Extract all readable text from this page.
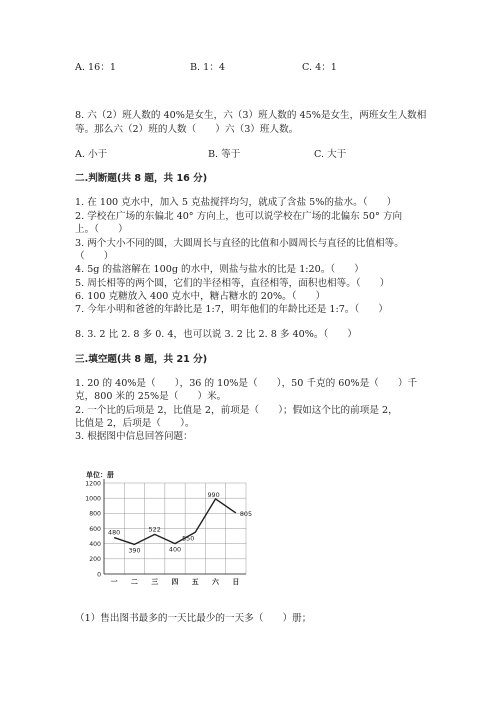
A. 16：1	B. 1：4	C. 4：1
8. 六（2）班人数的 40%是女生，六（3）班人数的 45%是女生，两班女生人数相
等。那么六（2）班的人数（　　）六（3）班人数。
A. 小于	B. 等于	C. 大于
二.判断题(共 8 题，共 16 分)
1. 在 100 克水中，加入 5 克盐搅拌均匀，就成了含盐 5%的盐水。（　　）
2. 学校在广场的东偏北 40° 方向上，也可以说学校在广场的北偏东 50° 方向
上。（　　）
3. 两个大小不同的圆，大圆周长与直径的比值和小圆周长与直径的比值相等。
（　　）
4. 5g 的盐溶解在 100g 的水中，则盐与盐水的比是 1:20。（　　）
5. 周长相等的两个圆，它们的半径相等，直径相等，面积也相等。（　　）
6. 100 克糖放入 400 克水中，糖占糖水的 20%。（　　）
7. 今年小明和爸爸的年龄比是 1:7，明年他们的年龄比还是 1:7。（　　）
8. 3. 2 比 2. 8 多 0. 4，也可以说 3. 2 比 2. 8 多 40%。（　　）
三.填空题(共 8 题，共 21 分)
1. 20 的 40%是（　　），36 的 10%是（　　），50 千克的 60%是（　　）千
克，800 米的 25%是（　　）米。
2. 一个比的后项是 2，比值是 2，前项是（　　）；假如这个比的前项是 2，
比值是 2，后项是（　　）。
3. 根据图中信息回答问题：
单位：册
0
200
400
600
800
1000
1200
一 二 三 四 五 六 日
480
390
522
400
550
990
805
（1）售出图书最多的一天比最少的一天多（　　）册；
